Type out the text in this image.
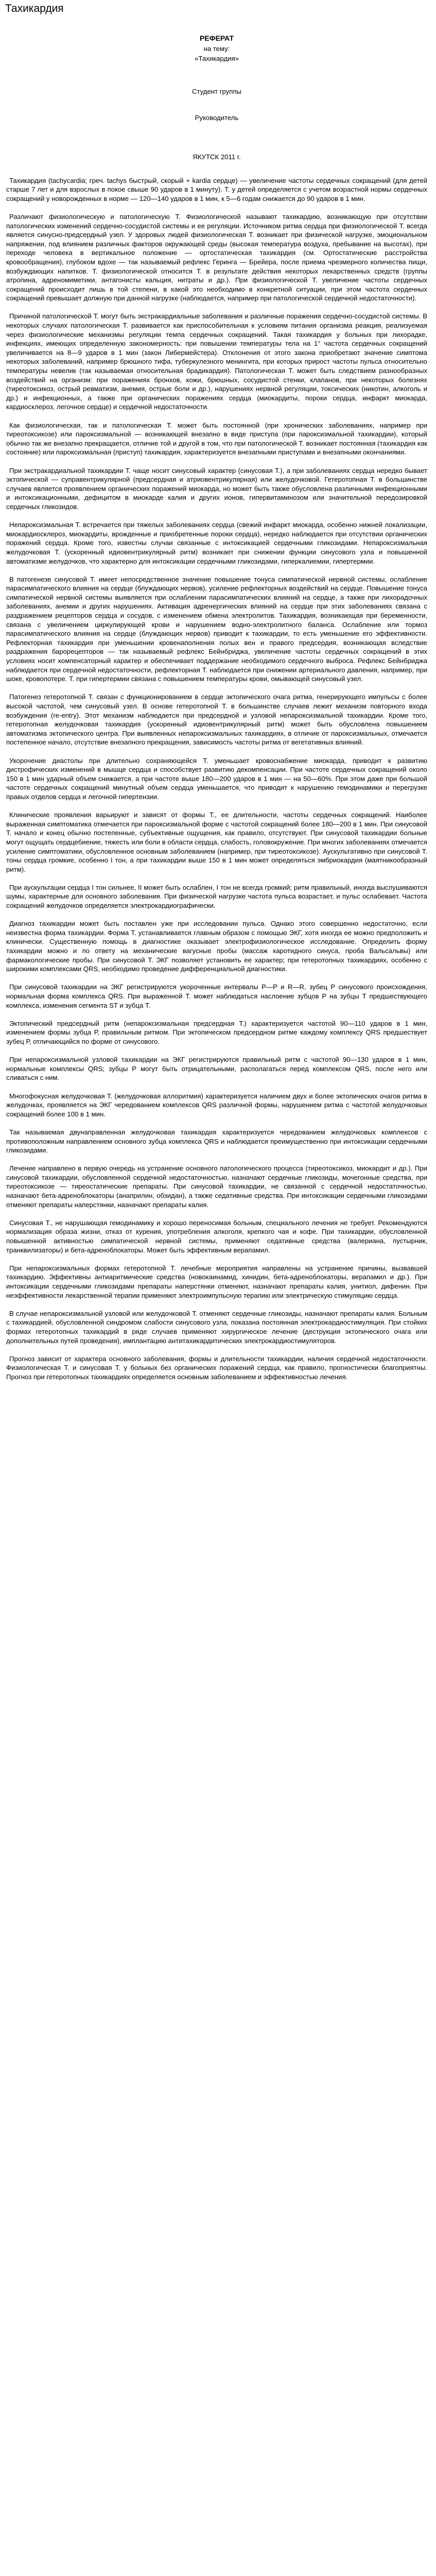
Тахикардия

РЕФЕРАТ

на тему:

«Тахикардия»

Студент группы

Руководитель

ЯКУТСК 2011 г.

Тахикардия (tachycardia; греч. tachys быстрый, скорый + kardia сердце) — увеличение частоты сердечных сокращений (для детей старше 7 лет и для взрослых в покое свыше 90 ударов в 1 минуту). Т. у детей определяется с учетом возрастной нормы сердечных сокращений у новорожденных в норме — 120—140 ударов в 1 мин, к 5—6 годам снижается до 90 ударов в 1 мин.

Различают физиологическую и патологическую Т. Физиологической называют тахикардию, возникающую при отсутствии патологических изменений сердечно-сосудистой системы и ее регуляции. Источником ритма сердца при физиологической Т. всегда является синусно-предсердный узел. У здоровых людей физиологическая Т. возникает при физической нагрузке, эмоциональном напряжении, под влиянием различных факторов окружающей среды (высокая температура воздуха, пребывание на высотах), при переходе человека в вертикальное положение — ортостатическая тахикардия (см. Ортостатические расстройства кровообращения), глубоком вдохе — так называемый рефлекс Геринга — Брейера, после приема чрезмерного количества пищи, возбуждающих напитков. Т. физиологической относится Т. в результате действия некоторых лекарственных средств (группы атропина, адреномиметики, антагонисты кальция, нитраты и др.). При физиологической Т. увеличение частоты сердечных сокращений происходит лишь в той степени, в какой это необходимо в конкретной ситуации, при этом частота сердечных сокращений превышает должную при данной нагрузке (наблюдается, например при патологической сердечной недостаточности).

Причиной патологической Т. могут быть экстракардиальные заболевания и различные поражения сердечно-сосудистой системы. В некоторых случаях патологическая Т. развивается как приспособительная к условиям питания организма реакция, реализуемая через физиологические механизмы регуляции темпа сердечных сокращений. Такая тахикардия у больных при лихорадке, инфекциях, имеющих определенную закономерность: при повышении температуры тела на 1° частота сердечных сокращений увеличивается на 8—9 ударов в 1 мин (закон Либермейстера). Отклонения от этого закона приобретают значение симптома некоторых заболеваний, например брюшного тифа, туберкулезного менингита, при которых прирост частоты пульса относительно температуры невелик (так называемая относительная брадикардия). Патологическая Т. может быть следствием разнообразных воздействий на организм: при поражениях бронхов, кожи, брюшных, сосудистой стенки, клапанов, при некоторых болезнях (тиреотоксикоз, острый ревматизм, анемия, острые боли и др.), нарушениях нервной регуляции, токсических (никотин, алкоголь и др.) и инфекционных, а также при органических поражениях сердца (миокардиты, пороки сердца, инфаркт миокарда, кардиосклероз, легочное сердце) и сердечной недостаточности.

Как физиологическая, так и патологическая Т. может быть постоянной (при хронических заболеваниях, например при тиреотоксикозе) или пароксизмальной — возникающей внезапно в виде приступа (при пароксизмальной тахикардии), который обычно так же внезапно прекращается, отличие той и другой в том, что при патологической Т. возникает постоянная (тахикардия как состояние) или пароксизмальная (приступ) тахикардия, характеризуется внезапными приступами и внезапными окончаниями.

При экстракардиальной тахикардии Т. чаще носит синусовый характер (синусовая Т.), а при заболеваниях сердца нередко бывает эктопической — суправентрикулярной (предсердная и атриовентрикулярная) или желудочковой. Гетеротопная Т. в большинстве случаев является проявлением органических поражений миокарда, но может быть также обусловлена различными инфекционными и интоксикационными, дефицитом в миокарде калия и других ионов, гипервитаминозом или значительной передозировкой сердечных гликозидов.

Непароксизмальная Т. встречается при тяжелых заболеваниях сердца (свежий инфаркт миокарда, особенно нижней локализации, миокардиосклероз, миокардиты, врожденные и приобретенные пороки сердца), нередко наблюдается при отсутствии органических поражений сердца. Кроме того, известны случаи связанные с интоксикацией сердечными гликозидами. Непароксизмальная желудочковая Т. (ускоренный идиовентрикулярный ритм) возникает при снижении функции синусового узла и повышенной автоматизме желудочков, что характерно для интоксикации сердечными гликозидами, гиперкалиемии, гипертермии.

В патогенезе синусовой Т. имеет непосредственное значение повышение тонуса симпатической нервной системы, ослабление парасимпатического влияния на сердце (блуждающих нервов), усиление рефлекторных воздействий на сердце. Повышение тонуса симпатической нервной системы выявляется при ослаблении парасимпатических влияний на сердце, а также при лихорадочных заболеваниях, анемии и других нарушениях. Активация адренергических влияний на сердце при этих заболеваниях связана с раздражением рецепторов сердца и сосудов, с изменением обмена электролитов. Тахикардия, возникающая при беременности, связана с увеличением циркулирующей крови и нарушением водно-электролитного баланса. Ослабление или тормоз парасимпатического влияния на сердце (блуждающих нервов) приводит к тахикардии, то есть уменьшение его эффективности. Рефлекторная тахикардия при уменьшении кровенаполнения полых вен и правого предсердия, возникающая вследствие раздражения барорецепторов — так называемый рефлекс Бейнбриджа, увеличение частоты сердечных сокращений в этих условиях носит компенсаторный характер и обеспечивает поддержание необходимого сердечного выброса. Рефлекс Бейнбриджа наблюдается при сердечной недостаточности, рефлекторная Т. наблюдается при снижении артериального давления, например, при шоке, кровопотере. Т. при гипертермии связана с повышением температуры крови, омывающей синусовый узел.

Патогенез гетеротопной Т. связан с функционированием в сердце эктопического очага ритма, генерирующего импульсы с более высокой частотой, чем синусовый узел. В основе гетеротопной Т. в большинстве случаев лежит механизм повторного входа возбуждения (re-entry). Этот механизм наблюдается при предсердной и узловой непароксизмальной тахикардии. Кроме того, гетеротопная желудочковая тахикардия (ускоренный идиовентрикулярный ритм) может быть обусловлена повышением автоматизма эктопического центра. При выявленных непароксизмальных тахикардиях, в отличие от пароксизмальных, отмечается постепенное начало, отсутствие внезапного прекращения, зависимость частоты ритма от вегетативных влияний.

Укорочение диастолы при длительно сохраняющейся Т. уменьшает кровоснабжение миокарда, приводит к развитию дистрофических изменений в мышце сердца и способствует развитию декомпенсации. При частоте сердечных сокращений около 150 в 1 мин ударный объем снижается, а при частоте выше 180—200 ударов в 1 мин — на 50—60%. При этом даже при большой частоте сердечных сокращений минутный объем сердца уменьшается, что приводит к нарушению гемодинамики и перегрузке правых отделов сердца и легочной гипертензии.

Клинические проявления варьируют и зависят от формы Т., ее длительности, частоты сердечных сокращений. Наиболее выраженная симптоматика отмечается при пароксизмальной форме с частотой сокращений более 180—200 в 1 мин. При синусовой Т. начало и конец обычно постепенные, субъективные ощущения, как правило, отсутствуют. При синусовой тахикардии больные могут ощущать сердцебиение, тяжесть или боли в области сердца, слабость, головокружение. При многих заболеваниях отмечается усиление симптоматики, обусловленное основным заболеванием (например, при тиреотоксикозе). Аускультативно при синусовой Т. тоны сердца громкие, особенно I тон, а при тахикардии выше 150 в 1 мин может определяться эмбриокардия (маятникообразный ритм).

При аускультации сердца I тон сильнее, II может быть ослаблен, I тон не всегда громкий; ритм правильный, иногда выслушиваются шумы, характерные для основного заболевания. При физической нагрузке частота пульса возрастает, и пульс ослабевает. Частота сокращений желудочков определяется электрокардиографически.

Диагноз тахикардии может быть поставлен уже при исследовании пульса. Однако этого совершенно недостаточно, если неизвестна форма тахикардии. Форма Т. устанавливается главным образом с помощью ЭКГ, хотя иногда ее можно предположить и клинически. Существенную помощь в диагностике оказывает электрофизиологическое исследование. Определить форму тахикардии можно и по ответу на механические вагусные пробы (массаж каротидного синуса, проба Вальсальвы) или фармакологические пробы. При синусовой Т. ЭКГ позволяет установить ее характер; при гетеротопных тахикардиях, особенно с широкими комплексами QRS, необходимо проведение дифференциальной диагностики.

При синусовой тахикардии на ЭКГ регистрируются укороченные интервалы P—P и R—R, зубец Р синусового происхождения, нормальная форма комплекса QRS. При выраженной Т. может наблюдаться наслоение зубцов Р на зубцы Т предшествующего комплекса, изменения сегмента ST и зубца Т.

Эктопический предсердный ритм (непароксизмальная предсердная Т.) характеризуется частотой 90—110 ударов в 1 мин, изменением формы зубца Р, правильным ритмом. При эктопическом предсердном ритме каждому комплексу QRS предшествует зубец Р, отличающийся по форме от синусового.

При непароксизмальной узловой тахикардии на ЭКГ регистрируются правильный ритм с частотой 90—130 ударов в 1 мин, нормальные комплексы QRS; зубцы Р могут быть отрицательными, располагаться перед комплексом QRS, после него или сливаться с ним.

Многофокусная желудочковая Т. (желудочковая аллоритмия) характеризуется наличием двух и более эктопических очагов ритма в желудочках, проявляется на ЭКГ чередованием комплексов QRS различной формы, нарушением ритма с частотой желудочковых сокращений более 100 в 1 мин.

Так называемая двунаправленная желудочковая тахикардия характеризуется чередованием желудочковых комплексов с противоположным направлением основного зубца комплекса QRS и наблюдается преимущественно при интоксикации сердечными гликозидами.

Лечение направлено в первую очередь на устранение основного патологического процесса (тиреотоксикоз, миокардит и др.). При синусовой тахикардии, обусловленной сердечной недостаточностью, назначают сердечные гликозиды, мочегонные средства, при тиреотоксикозе — тиреостатические препараты. При синусовой тахикардии, не связанной с сердечной недостаточностью, назначают бета-адреноблокаторы (анаприлин, обзидан), а также седативные средства. При интоксикации сердечными гликозидами отменяют препараты наперстянки, назначают препараты калия.

Синусовая Т., не нарушающая гемодинамику и хорошо переносимая больным, специального лечения не требует. Рекомендуются нормализация образа жизни, отказ от курения, употребления алкоголя, крепкого чая и кофе. При тахикардии, обусловленной повышенной активностью симпатической нервной системы, применяют седативные средства (валериана, пустырник, транквилизаторы) и бета-адреноблокаторы. Может быть эффективным верапамил.

При непароксизмальных формах гетеротопной Т. лечебные мероприятия направлены на устранение причины, вызвавшей тахикардию. Эффективны антиаритмические средства (новокаинамид, хинидин, бета-адреноблокаторы, верапамил и др.). При интоксикации сердечными гликозидами препараты наперстянки отменяют, назначают препараты калия, унитиол, дифенин. При неэффективности лекарственной терапии применяют электроимпульсную терапию или электрическую стимуляцию сердца.

В случае непароксизмальной узловой или желудочковой Т. отменяют сердечные гликозиды, назначают препараты калия. Больным с тахикардией, обусловленной синдромом слабости синусового узла, показана постоянная электрокардиостимуляция. При стойких формах гетеротопных тахикардий в ряде случаев применяют хирургическое лечение (деструкция эктопического очага или дополнительных путей проведения), имплантацию антитахикардитических электрокардиостимуляторов.

Прогноз зависит от характера основного заболевания, формы и длительности тахикардии, наличия сердечной недостаточности. Физиологическая Т. и синусовая Т. у больных без органических поражений сердца, как правило, прогностически благоприятны. Прогноз при гетеротопных тахикардиях определяется основным заболеванием и эффективностью лечения.
